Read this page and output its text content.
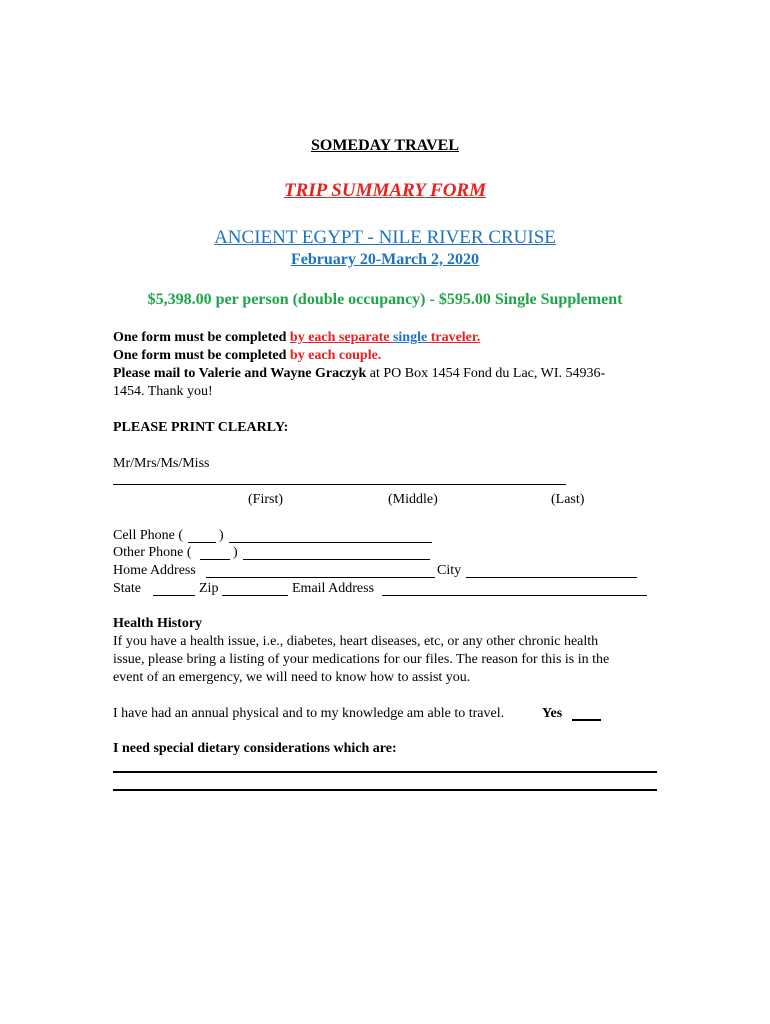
SOMEDAY TRAVEL
TRIP SUMMARY FORM
ANCIENT EGYPT - NILE RIVER CRUISE
February 20-March 2, 2020
$5,398.00 per person (double occupancy) - $595.00 Single Supplement
One form must be completed by each separate single traveler.
One form must be completed by each couple.
Please mail to Valerie and Wayne Graczyk at PO Box 1454 Fond du Lac, WI. 54936-
1454. Thank you!
PLEASE PRINT CLEARLY:
Mr/Mrs/Ms/Miss
(First)	(Middle)	(Last)
Cell Phone (	)
Other Phone (	)
Home Address	City
State	Zip	Email Address
Health History
If you have a health issue, i.e., diabetes, heart diseases, etc, or any other chronic health
issue, please bring a listing of your medications for our files. The reason for this is in the
event of an emergency, we will need to know how to assist you.
I have had an annual physical and to my knowledge am able to travel.	Yes
I need special dietary considerations which are:
